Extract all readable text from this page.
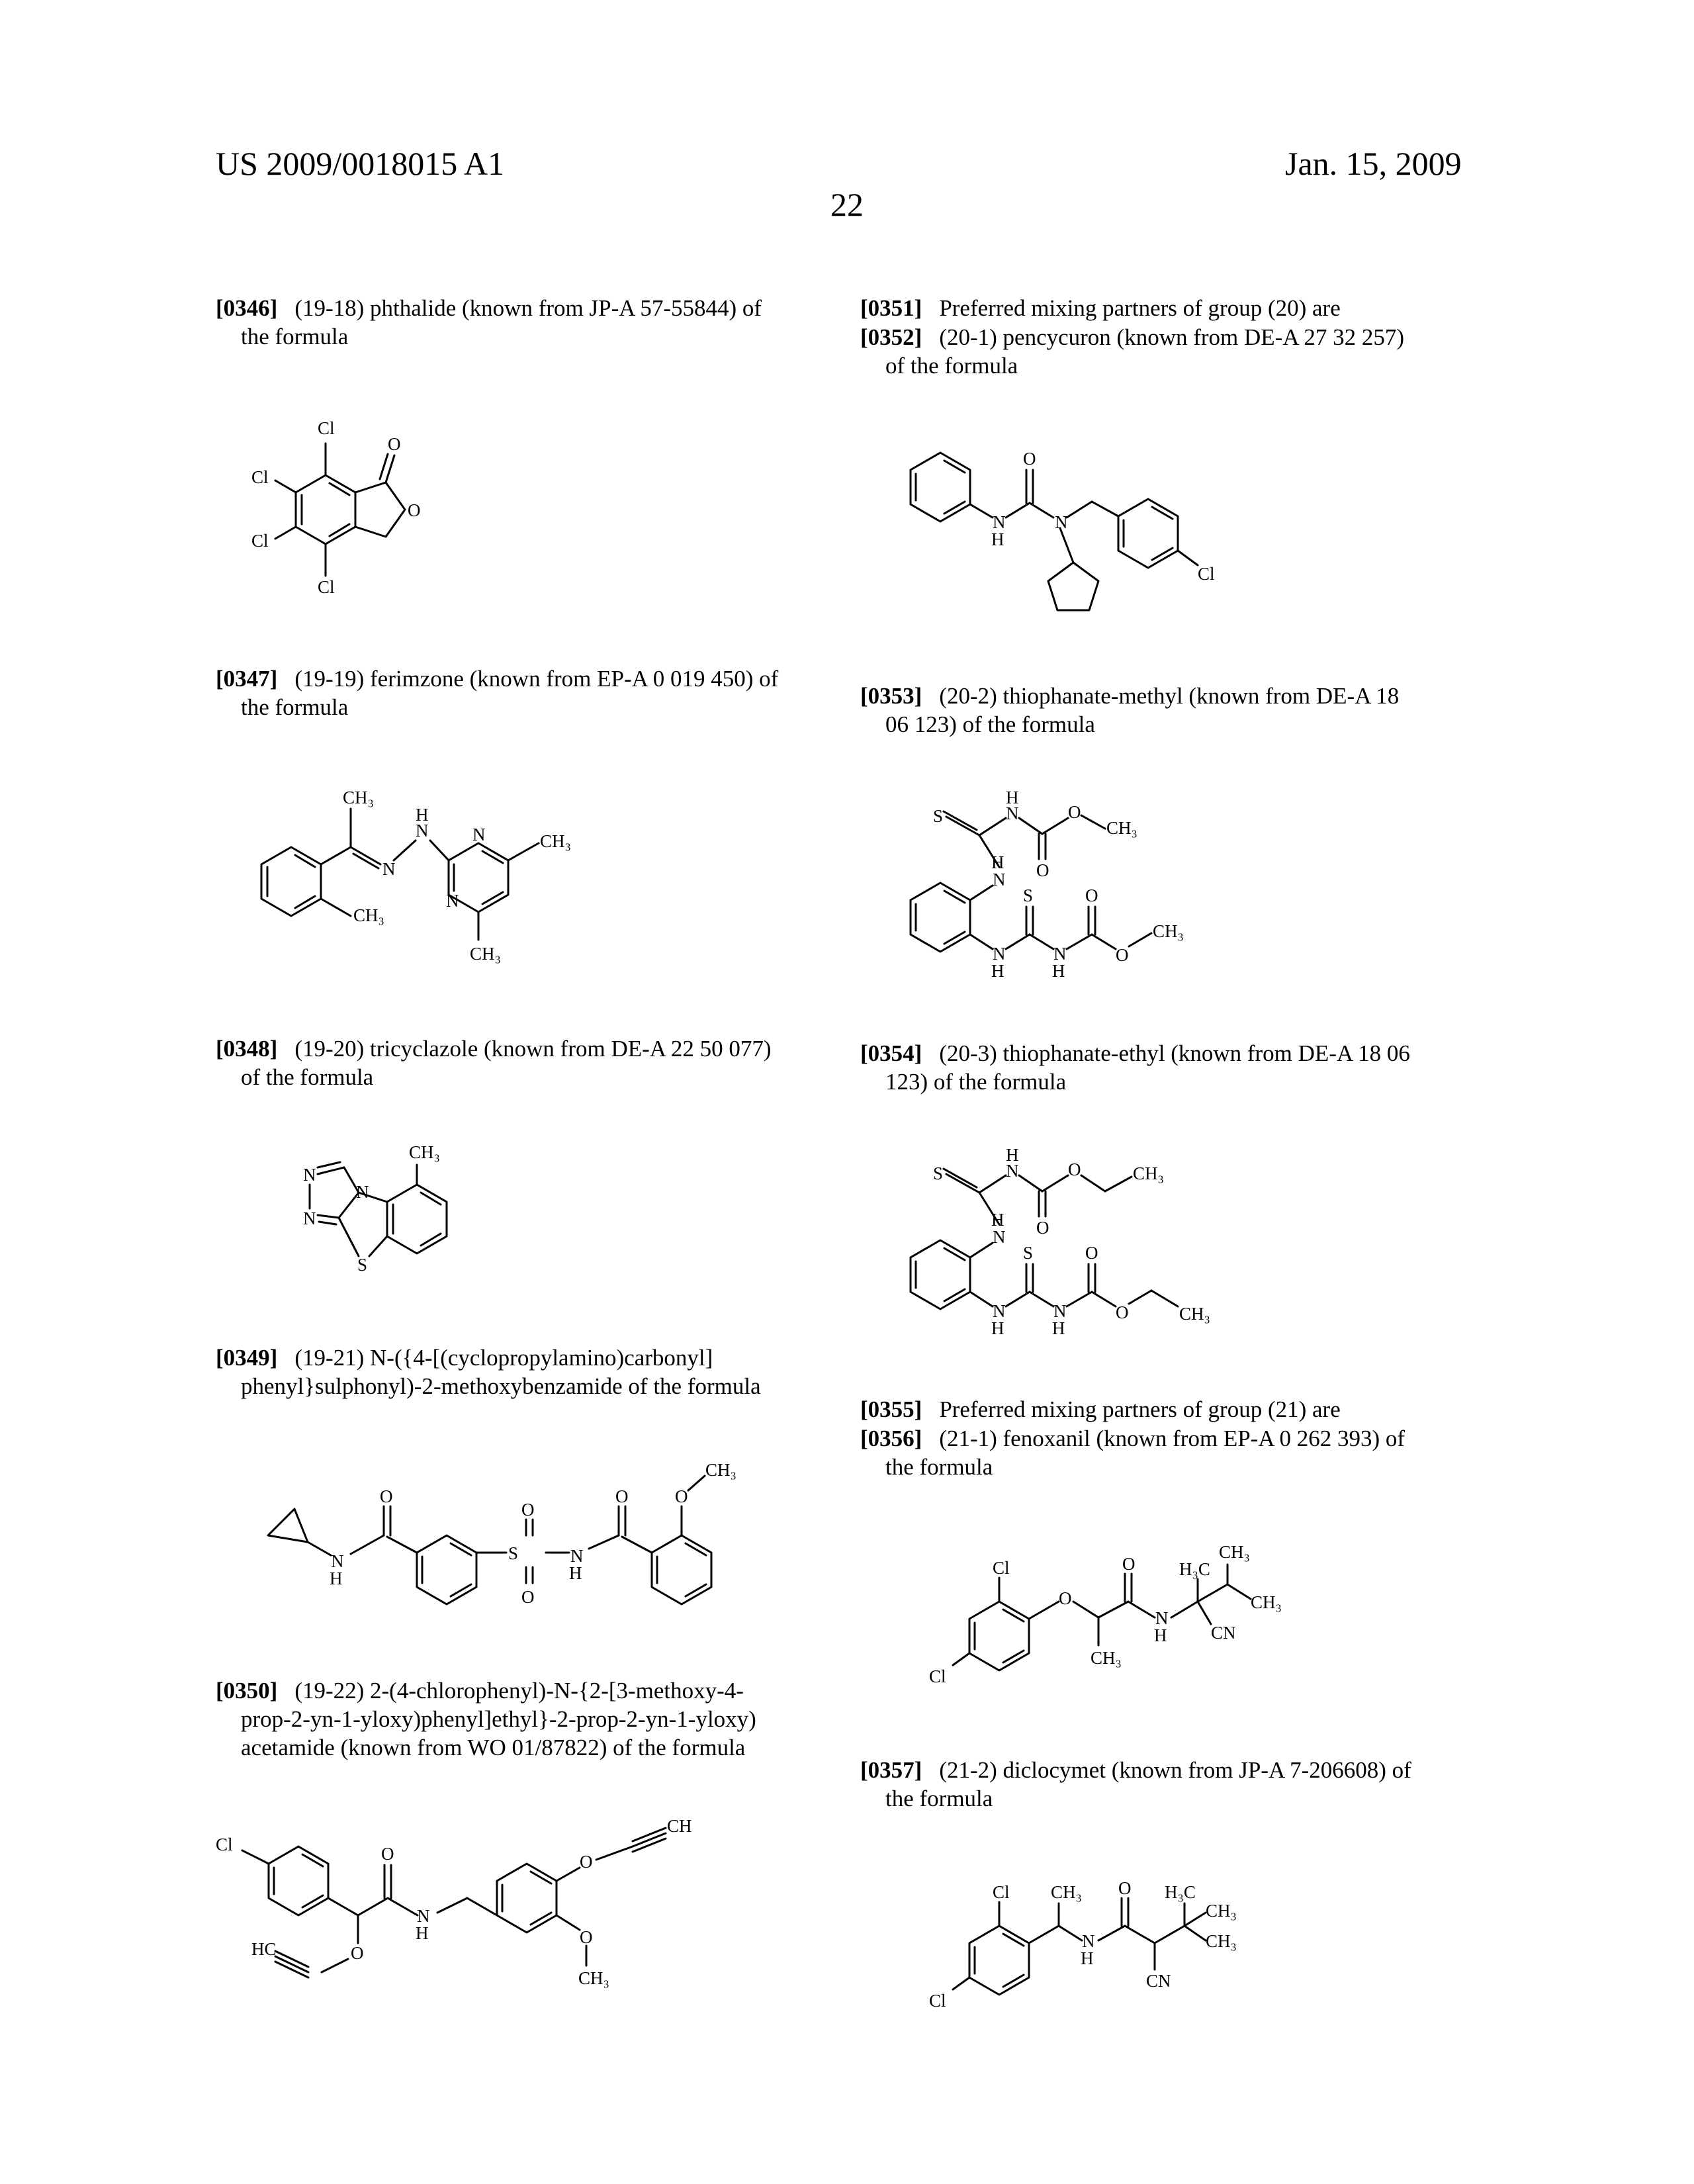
US 2009/0018015 A1	Jan. 15, 2009
22
[0346] (19-18) phthalide (known from JP-A 57-55844) of
the formula
[0347] (19-19) ferimzone (known from EP-A 0 019 450) of
the formula
[0348] (19-20) tricyclazole (known from DE-A 22 50 077)
of the formula
[0349] (19-21) N-({4-[(cyclopropylamino)carbonyl]
phenyl}sulphonyl)-2-methoxybenzamide of the formula
[0350] (19-22) 2-(4-chlorophenyl)-N-{2-[3-methoxy-4-
prop-2-yn-1-yloxy)phenyl]ethyl}-2-prop-2-yn-1-yloxy)
acetamide (known from WO 01/87822) of the formula
[0351] Preferred mixing partners of group (20) are
[0352] (20-1) pencycuron (known from DE-A 27 32 257)
of the formula
[0353] (20-2) thiophanate-methyl (known from DE-A 18
06 123) of the formula
[0354] (20-3) thiophanate-ethyl (known from DE-A 18 06
123) of the formula
[0355] Preferred mixing partners of group (21) are
[0356] (21-1) fenoxanil (known from EP-A 0 262 393) of
the formula
[0357] (21-2) diclocymet (known from JP-A 7-206608) of
the formula
Cl
Cl
Cl
Cl
O
O
CH₃
N
N
H
N
N
CH₃
CH₃
CH₃
CH₃
N
N
N
S
N
H
O
S
O
O
N
H
O	O
CH₃
Cl	O
N
H
O
HC
O
CH
O
CH₃
O
N
H
N
Cl
S	N
H
O
CH₃
O
N
H
S
N
H
N
H
O
O
CH₃
S	N
H
O	CH₃
O
N
H
S
N
H
N
H
O
O	CH₃
Cl
Cl
O
CH₃
O
N
H
H₃C
CH₃
CH₃
CN
Cl
Cl
CH₃
N
H
O
CN
H₃C
CH₃
CH₃
